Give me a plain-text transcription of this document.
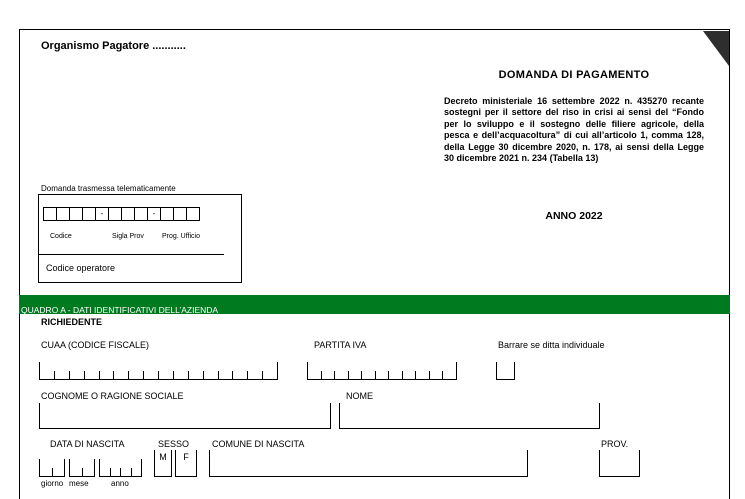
Organismo Pagatore ...........
DOMANDA DI PAGAMENTO
Decreto ministeriale 16 settembre 2022 n. 435270 recante sostegni per il settore del riso in crisi ai sensi del “Fondo per lo sviluppo e il sostegno delle filiere agricole, della pesca e dell’acquacoltura” di cui all’articolo 1, comma 128, della Legge 30 dicembre 2020, n. 178, ai sensi della Legge 30 dicembre 2021 n. 234 (Tabella 13)
ANNO 2022
Domanda trasmessa telematicamente
-	-
Codice	Sigla Prov	Prog. Ufficio
Codice operatore
QUADRO A - DATI IDENTIFICATIVI DELL’AZIENDA
RICHIEDENTE
CUAA (CODICE FISCALE)	PARTITA IVA	Barrare se ditta individuale
COGNOME O RAGIONE SOCIALE	NOME
DATA DI NASCITA	SESSO	COMUNE DI NASCITA	PROV.
giorno mese	anno
M	F
